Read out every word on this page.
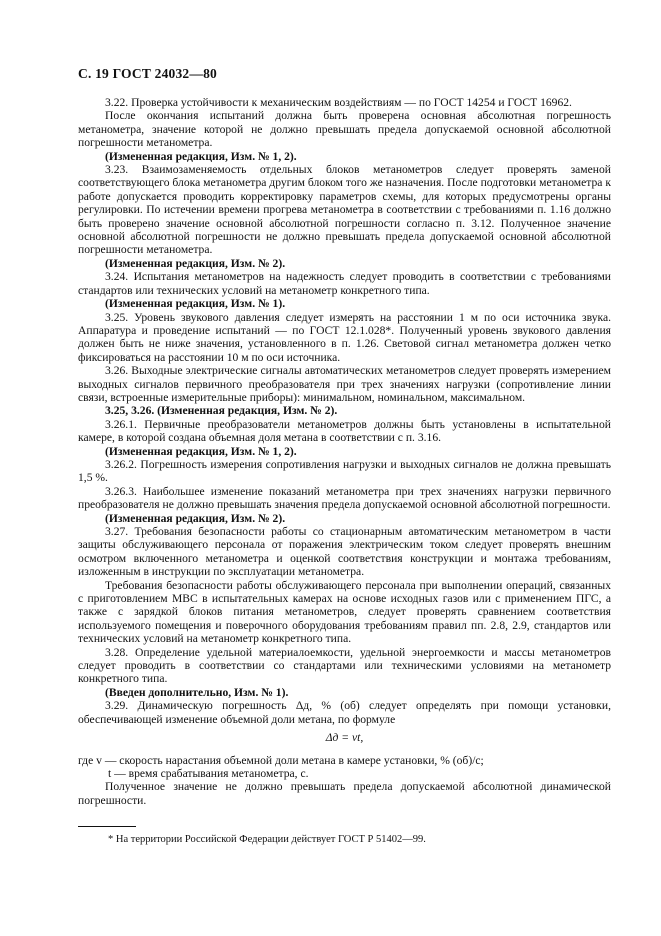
С. 19 ГОСТ 24032—80

3.22. Проверка устойчивости к механическим воздействиям — по ГОСТ 14254 и ГОСТ 16962.

После окончания испытаний должна быть проверена основная абсолютная погрешность метанометра, значение которой не должно превышать предела допускаемой основной абсолютной погрешности метанометра.

(Измененная редакция, Изм. № 1, 2).

3.23. Взаимозаменяемость отдельных блоков метанометров следует проверять заменой соответствующего блока метанометра другим блоком того же назначения. После подготовки метанометра к работе допускается проводить корректировку параметров схемы, для которых предусмотрены органы регулировки. По истечении времени прогрева метанометра в соответствии с требованиями п. 1.16 должно быть проверено значение основной абсолютной погрешности согласно п. 3.12. Полученное значение основной абсолютной погрешности не должно превышать предела допускаемой основной абсолютной погрешности метанометра.

(Измененная редакция, Изм. № 2).

3.24. Испытания метанометров на надежность следует проводить в соответствии с требованиями стандартов или технических условий на метанометр конкретного типа.

(Измененная редакция, Изм. № 1).

3.25. Уровень звукового давления следует измерять на расстоянии 1 м по оси источника звука. Аппаратура и проведение испытаний — по ГОСТ 12.1.028*. Полученный уровень звукового давления должен быть не ниже значения, установленного в п. 1.26. Световой сигнал метанометра должен четко фиксироваться на расстоянии 10 м по оси источника.

3.26. Выходные электрические сигналы автоматических метанометров следует проверять измерением выходных сигналов первичного преобразователя при трех значениях нагрузки (сопротивление линии связи, встроенные измерительные приборы): минимальном, номинальном, максимальном.

3.25, 3.26. (Измененная редакция, Изм. № 2).

3.26.1. Первичные преобразователи метанометров должны быть установлены в испытательной камере, в которой создана объемная доля метана в соответствии с п. 3.16.

(Измененная редакция, Изм. № 1, 2).

3.26.2. Погрешность измерения сопротивления нагрузки и выходных сигналов не должна превышать 1,5 %.

3.26.3. Наибольшее изменение показаний метанометра при трех значениях нагрузки первичного преобразователя не должно превышать значения предела допускаемой основной абсолютной погрешности.

(Измененная редакция, Изм. № 2).

3.27. Требования безопасности работы со стационарным автоматическим метанометром в части защиты обслуживающего персонала от поражения электрическим током следует проверять внешним осмотром включенного метанометра и оценкой соответствия конструкции и монтажа требованиям, изложенным в инструкции по эксплуатации метанометра.

Требования безопасности работы обслуживающего персонала при выполнении операций, связанных с приготовлением МВС в испытательных камерах на основе исходных газов или с применением ПГС, а также с зарядкой блоков питания метанометров, следует проверять сравнением соответствия используемого помещения и поверочного оборудования требованиям правил пп. 2.8, 2.9, стандартов или технических условий на метанометр конкретного типа.

3.28. Определение удельной материалоемкости, удельной энергоемкости и массы метанометров следует проводить в соответствии со стандартами или техническими условиями на метанометр конкретного типа.

(Введен дополнительно, Изм. № 1).

3.29. Динамическую погрешность Δд, % (об) следует определять при помощи установки, обеспечивающей изменение объемной доли метана, по формуле

Δд = vt,

где v — скорость нарастания объемной доли метана в камере установки, % (об)/с;

t — время срабатывания метанометра, с.

Полученное значение не должно превышать предела допускаемой абсолютной динамической погрешности.

* На территории Российской Федерации действует ГОСТ Р 51402—99.
